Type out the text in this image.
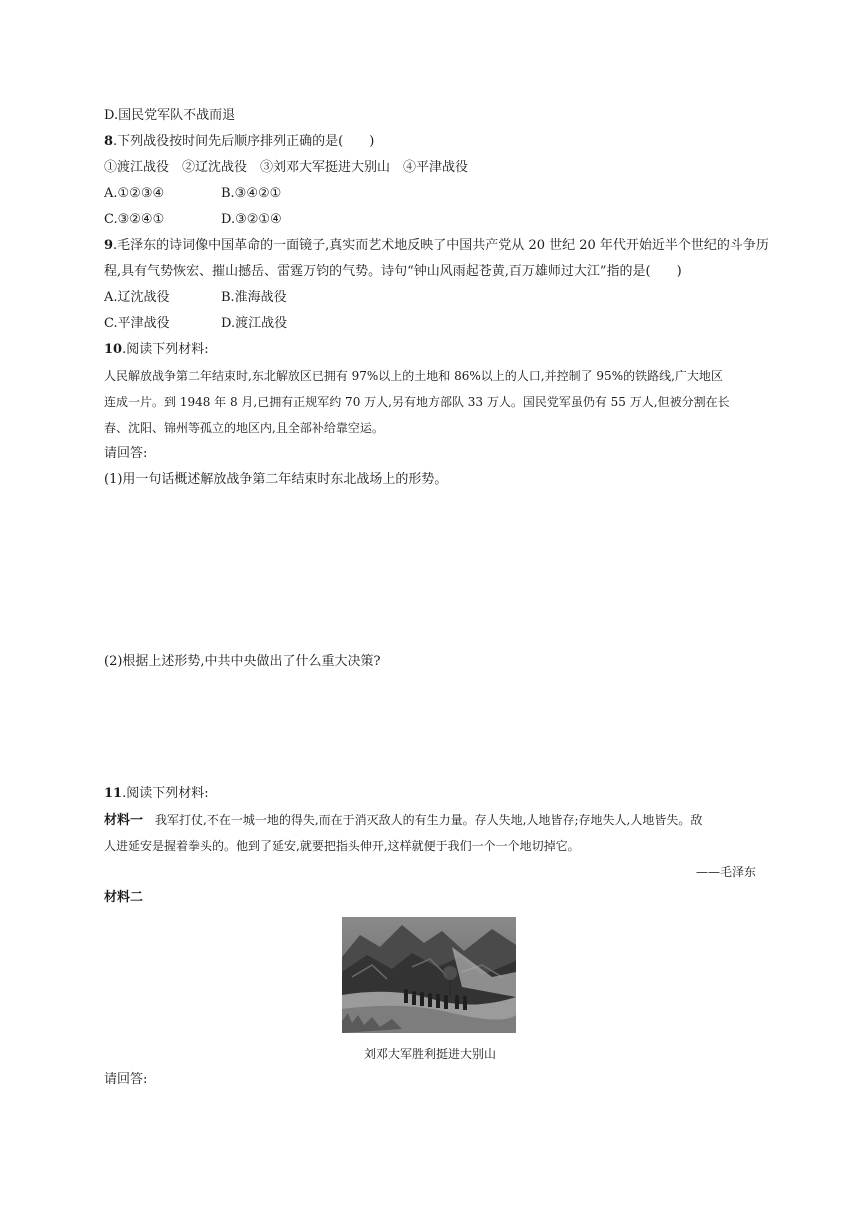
D.国民党军队不战而退
8.下列战役按时间先后顺序排列正确的是(　　)
①渡江战役　②辽沈战役　③刘邓大军挺进大别山　④平津战役
A.①②③④	B.③④②①
C.③②④①	D.③②①④
9.毛泽东的诗词像中国革命的一面镜子,真实而艺术地反映了中国共产党从 20 世纪 20 年代开始近半个世纪的斗争历
程,具有气势恢宏、摧山撼岳、雷霆万钧的气势。诗句“钟山风雨起苍黄,百万雄师过大江”指的是(　　)
A.辽沈战役	B.淮海战役
C.平津战役	D.渡江战役
10.阅读下列材料:
人民解放战争第二年结束时,东北解放区已拥有 97%以上的土地和 86%以上的人口,并控制了 95%的铁路线,广大地区
连成一片。到 1948 年 8 月,已拥有正规军约 70 万人,另有地方部队 33 万人。国民党军虽仍有 55 万人,但被分割在长
春、沈阳、锦州等孤立的地区内,且全部补给靠空运。
请回答:
(1)用一句话概述解放战争第二年结束时东北战场上的形势。
(2)根据上述形势,中共中央做出了什么重大决策?
11.阅读下列材料:
材料一　我军打仗,不在一城一地的得失,而在于消灭敌人的有生力量。存人失地,人地皆存;存地失人,人地皆失。敌
人进延安是握着拳头的。他到了延安,就要把指头伸开,这样就便于我们一个一个地切掉它。
——毛泽东
材料二
刘邓大军胜利挺进大别山
请回答:
